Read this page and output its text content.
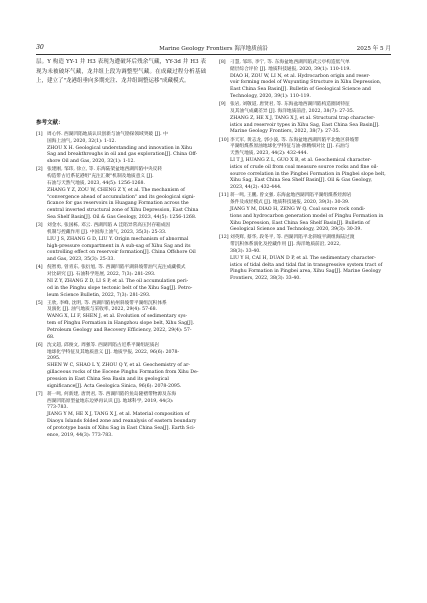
30	Marine Geology Frontiers 海洋地质前沿	2025 年 5 月

层。Y 构造 YY-1 井 H3 表现为遭破坏后残余气藏，YY-3d 井 H3 表现为未被破坏气藏，龙井组上段为调整型气藏。在成藏过程分析基础上，建立了"龙港组垂向多期充注、龙井组调整运移"成藏模式。

参考文献：

[1] 周心怀. 西湖凹陷地质认识创新与油气勘探领域突破 [J]. 中
国海上油气, 2020, 32(1): 1-12.
ZHOU X H. Geological understanding and innovation in Xihu
Sag and breakthroughs in oil and gas exploration[J]. China Off-
shore Oil and Gas, 2020, 32(1): 1-12.

[2] 张建刚, 邹玮, 徐立, 等. 东海陆架盆地西湖凹陷中央反转
构造带古近系花港组"充注汇聚"机制及地质意义 [J].
石油与天然气地质, 2023, 44(5): 1256-1268.
ZHANG Y Z, ZOU W, CHENG Z Y, et al. The mechanism of
"convergence ahead of accumulation" and its geological signi-
ficance for gas reservoirs in Huagang Formation across the
central inverted structural zone of Xihu Depression, East China
Sea Shelf Basin[J]. Oil & Gas Geology, 2023, 44(5): 1256-1268.

[3] 刘金水, 张国栋, 邓云. 西湖凹陷 A 洼陷异常高压封存箱成因
机制与控藏作用 [J]. 中国海上油气, 2023, 35(3): 25-33.
LIU J S, ZHANG G D, LIU Y. Origin mechanism of abnormal
high-pressure compartment in A sub-sag of Xihu Sag and its
controlling effect on reservoir formation[J]. China Offshore Oil
and Gas, 2023, 35(3): 25-33.

[4] 倪智勇, 曾青东, 张衍旭, 等. 西湖凹陷平湖斜坡带油气充注成藏模式
对比研究 [J]. 石油科学进展, 2022, 7(3): 281-293.
NI Z Y, ZHANG Z D, LI S P, et al. The oil accumulation peri-
od in the Pinghu slope tectonic belt of the Xihu Sag[J]. Petro-
leum Science Bulletin, 2022, 7(3): 281-293.

[5] 王欣, 李峰, 沈明, 等. 西湖凹陷杭州斜坡带平湖组沉积体系
及演化 [J]. 油气地质与采收率, 2022, 29(4): 57-68.
WANG X, LI F, SHEN J, et al. Evolution of sedimentary sys-
tem of Pinghu Formation in Hangzhou slope belt, Xihu Sag[J].
Petroleum Geology and Recovery Efficiency, 2022, 29(4): 57-
68.

[6] 沈文超, 邱俊文, 周强等. 西湖凹陷古近系平湖组泥质岩
地球化学特征及其地质意义 [J]. 地质学报, 2022, 96(6): 2078-
2095.
SHEN W C, SHAO L Y, ZHOU Q Y, et al. Geochemistry of ar-
gillaceous rocks of the Eocene Pinghu Formation from Xihu De-
pression in East China Sea Basin and its geological
significance[J]. Acta Geologica Sinica, 96(6): 2078-2095.

[7] 蒋一鸣, 何新建, 唐贤君, 等. 西湖凹陷钓鱼岛隆褶带物源及东海
西湖凹陷原型盆地东边界再认识 [J]. 地球科学, 2019, 44(3):
773-783.
JIANG Y M, HE X J, TANG X J, et al. Material composition of
Diaoyu Islands folded zone and reanalysis of eastern boundary
of prototype basin of Xihu Sag in East China Sea[J]. Earth Sci-
ence, 2019, 44(3): 773-783.

[8] 刁慧, 邹玮, 李宁, 等. 东海盆地西湖凹陷武云亭构造低气单
储层综合评价 [J]. 地质科技通报, 2020, 39(1): 110-119.
DIAO H, ZOU W, LI N, et al. Hydrocarbon origin and reser-
voir forming model of Wuyunting Structure in Xihu Depression,
East China Sea Basin[J]. Bulletin of Geological Science and
Technology, 2020, 39(1): 110-119.

[9] 张岩, 刘敬道, 唐贤君, 等. 东海盆地西湖凹陷构造圈闭特征
及其油气成藏差异 [J]. 海洋地质前沿, 2022, 38(7): 27-35.
ZHANG Z, HE X J, TANG X J, et al. Structural trap character-
istics and reservoir types in Xihu Sag, East China Sea Basin[J].
Marine Geology Frontiers, 2022, 38(7): 27-35.

[10] 李天军, 黄志龙, 郭小波, 等. 东海盆地西湖凹陷平北地区斜坡带
平湖组煤系原油地球化学特征与油-源精细对比 [J]. 石油与
天然气地质, 2023, 44(2): 432-444.
LI T J, HUANG Z L, GUO X B, et al. Geochemical character-
istics of crude oil from coal measure source rocks and fine oil-
source correlation in the Pingbei Formation in Pingbei slope belt,
Xihu Sag, East China Sea Shelf Basin[J]. Oil & Gas Geology,
2023, 44(2): 432-444.

[11] 蒋一鸣, 王鹏, 曾文强. 东海盆地西湖凹陷平湖组煤系烃源岩
条件及成烃模式 [J]. 地质科技通报, 2020, 39(3): 30-39.
JIANG Y M, DIAO H, ZENG W Q. Coal source rock condi-
tions and hydrocarbon generation model of Pinghu Formation in
Xihu Depression, East China Sea Shelf Basin[J]. Bulletin of
Geological Science and Technology, 2020, 39(3): 30-39.

[12] 刘英辉, 蔡华, 段冬平, 等. 西湖凹陷平北斜坡平湖组海陆过渡
带沉积体系演化及控藏作用 [J]. 海洋地质前沿, 2022,
38(3): 33-40.
LIU Y H, CAI H, DUAN D P, et al. The sedimentary character-
istics of tidal delta and tidal flat in transgressive system tract of
Pinghu Formation in Pingbei area, Xihu Sag[J]. Marine Geology
Frontiers, 2022, 38(3): 33-40.
